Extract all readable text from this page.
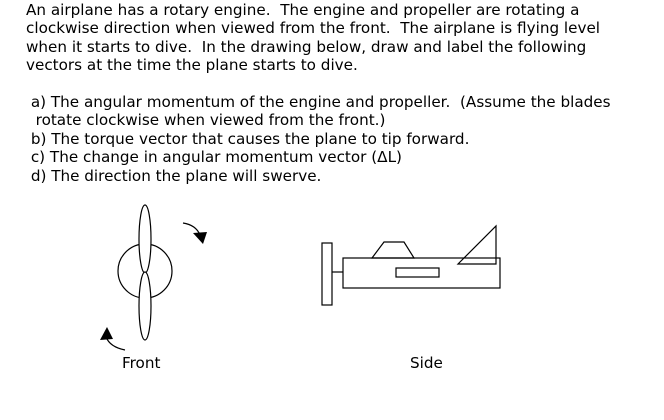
An airplane has a rotary engine.  The engine and propeller are rotating a
clockwise direction when viewed from the front.  The airplane is flying level
when it starts to dive.  In the drawing below, draw and label the following
vectors at the time the plane starts to dive.
a) The angular momentum of the engine and propeller.  (Assume the blades
rotate clockwise when viewed from the front.)
b) The torque vector that causes the plane to tip forward.
c) The change in angular momentum vector (ΔL)
d) The direction the plane will swerve.
Front	Side
